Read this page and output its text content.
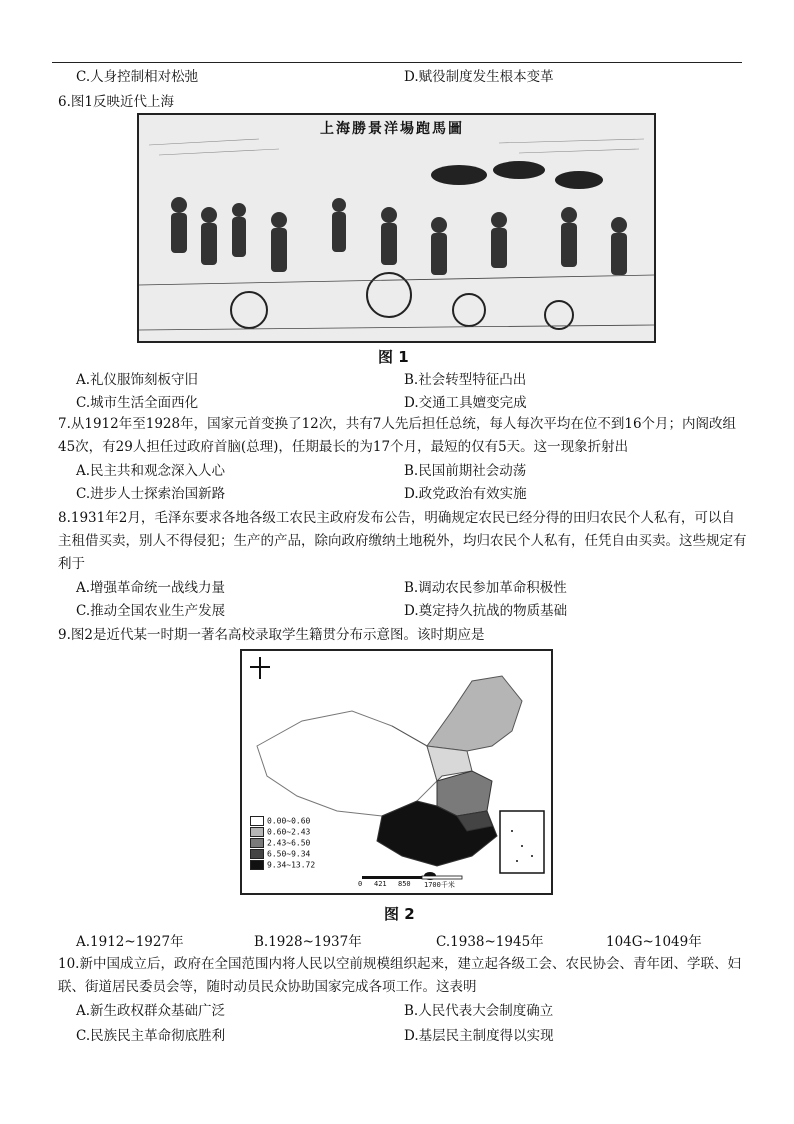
C.人身控制相对松弛	D.赋役制度发生根本变革
6.图1反映近代上海
上海勝景洋場跑馬圖
图 1
A.礼仪服饰刻板守旧	B.社会转型特征凸出
C.城市生活全面西化	D.交通工具嬗变完成
7.从1912年至1928年，国家元首变换了12次，共有7人先后担任总统，每人每次平均在位不到16个月；内阁改组45次，有29人担任过政府首脑(总理)，任期最长的为17个月，最短的仅有5天。这一现象折射出
A.民主共和观念深入人心	B.民国前期社会动荡
C.进步人士探索治国新路	D.政党政治有效实施
8.1931年2月，毛泽东要求各地各级工农民主政府发布公告，明确规定农民已经分得的田归农民个人私有，可以自主租借买卖，别人不得侵犯；生产的产品，除向政府缴纳土地税外，均归农民个人私有，任凭自由买卖。这些规定有利于
A.增强革命统一战线力量	B.调动农民参加革命积极性
C.推动全国农业生产发展	D.奠定持久抗战的物质基础
9.图2是近代某一时期一著名高校录取学生籍贯分布示意图。该时期应是
0.00~0.60
0.60~2.43
2.43~6.50
6.50~9.34
9.34~13.72
0 421 850 1700千米
图 2
A.1912~1927年	B.1928~1937年	C.1938~1945年	104G~1049年
10.新中国成立后，政府在全国范围内将人民以空前规模组织起来，建立起各级工会、农民协会、青年团、学联、妇联、街道居民委员会等，随时动员民众协助国家完成各项工作。这表明
A.新生政权群众基础广泛	B.人民代表大会制度确立
C.民族民主革命彻底胜利	D.基层民主制度得以实现
